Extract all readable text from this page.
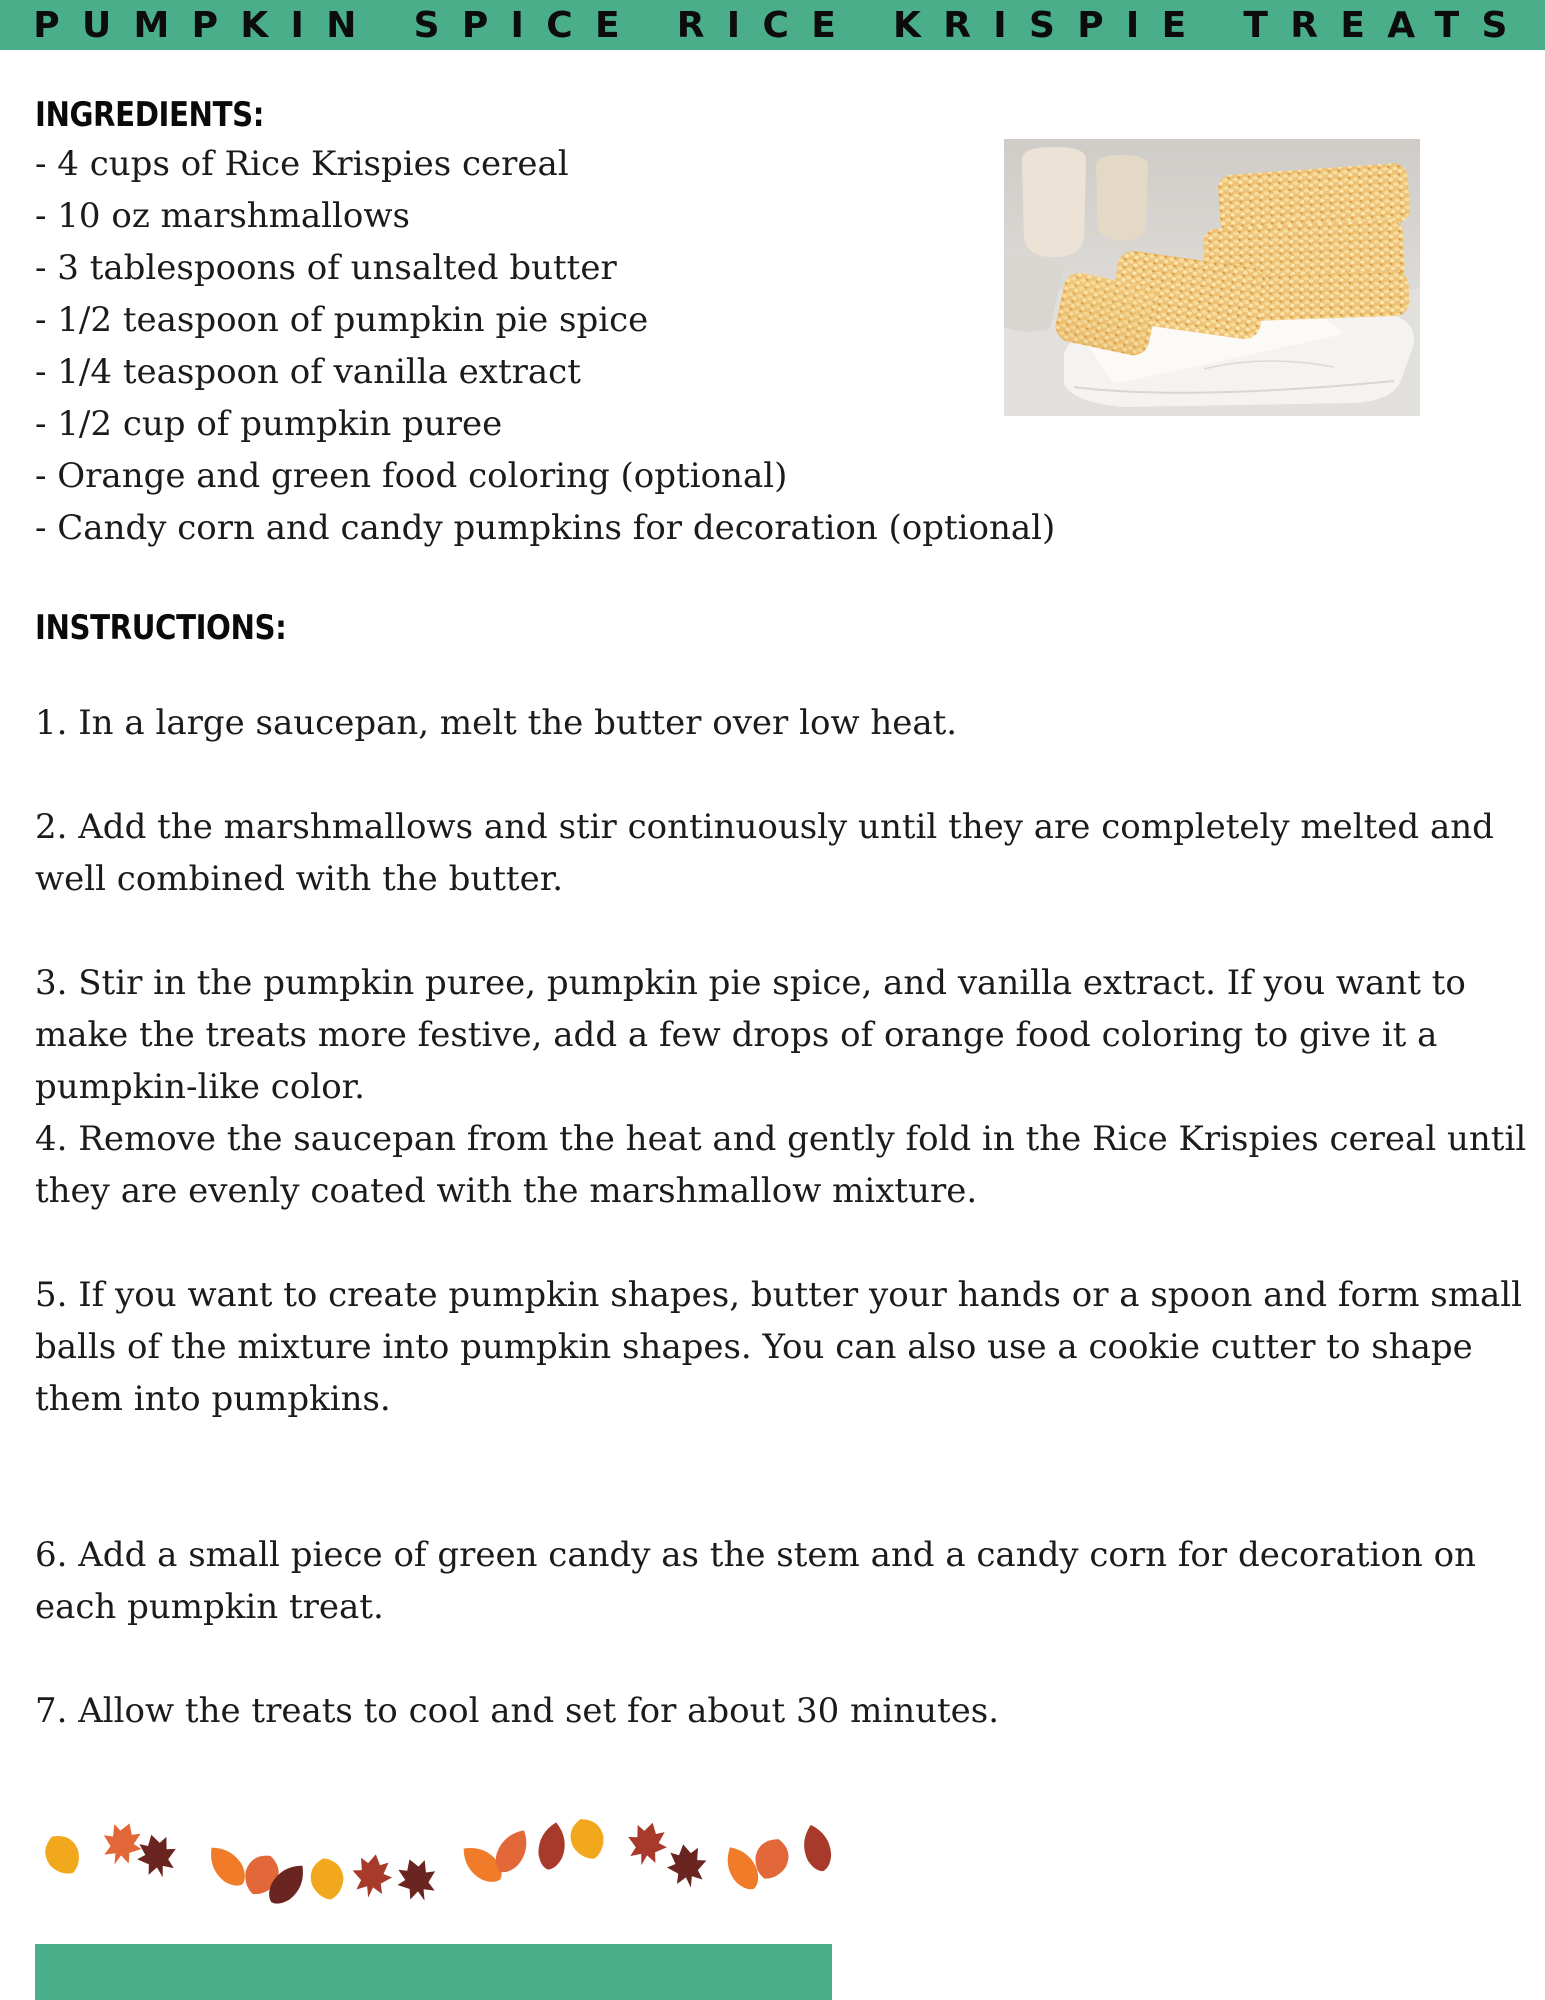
PUMPKIN SPICE RICE KRISPIE TREATS
INGREDIENTS:
- 4 cups of Rice Krispies cereal
- 10 oz marshmallows
- 3 tablespoons of unsalted butter
- 1/2 teaspoon of pumpkin pie spice
- 1/4 teaspoon of vanilla extract
- 1/2 cup of pumpkin puree
- Orange and green food coloring (optional)
- Candy corn and candy pumpkins for decoration (optional)
INSTRUCTIONS:

1. In a large saucepan, melt the butter over low heat.

2. Add the marshmallows and stir continuously until they are completely melted and well combined with the butter.

3. Stir in the pumpkin puree, pumpkin pie spice, and vanilla extract. If you want to make the treats more festive, add a few drops of orange food coloring to give it a pumpkin-like color.

4. Remove the saucepan from the heat and gently fold in the Rice Krispies cereal until they are evenly coated with the marshmallow mixture.

5. If you want to create pumpkin shapes, butter your hands or a spoon and form small balls of the mixture into pumpkin shapes. You can also use a cookie cutter to shape them into pumpkins.

6. Add a small piece of green candy as the stem and a candy corn for decoration on each pumpkin treat.

7. Allow the treats to cool and set for about 30 minutes.
